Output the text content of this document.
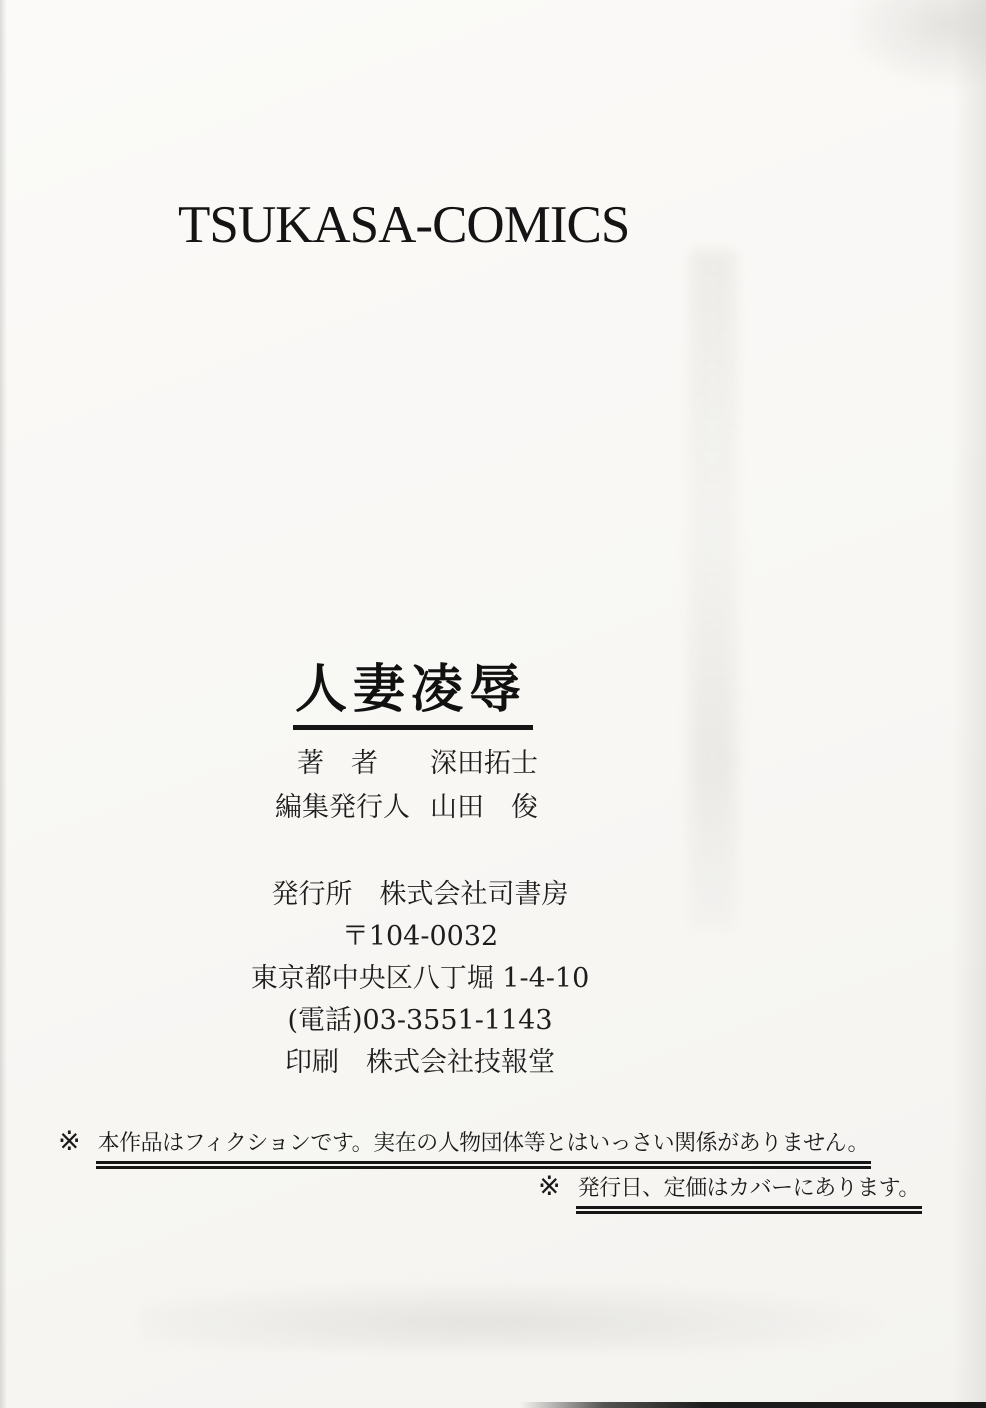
TSUKASA-COMICS
人妻凌辱
著　者 深田拓士
編集発行人 山田　俊
発行所　株式会社司書房
〒104-0032
東京都中央区八丁堀 1-4-10
(電話)03-3551-1143
印刷　株式会社技報堂
※ 本作品はフィクションです。実在の人物団体等とはいっさい関係がありません。
※ 発行日、定価はカバーにあります。
